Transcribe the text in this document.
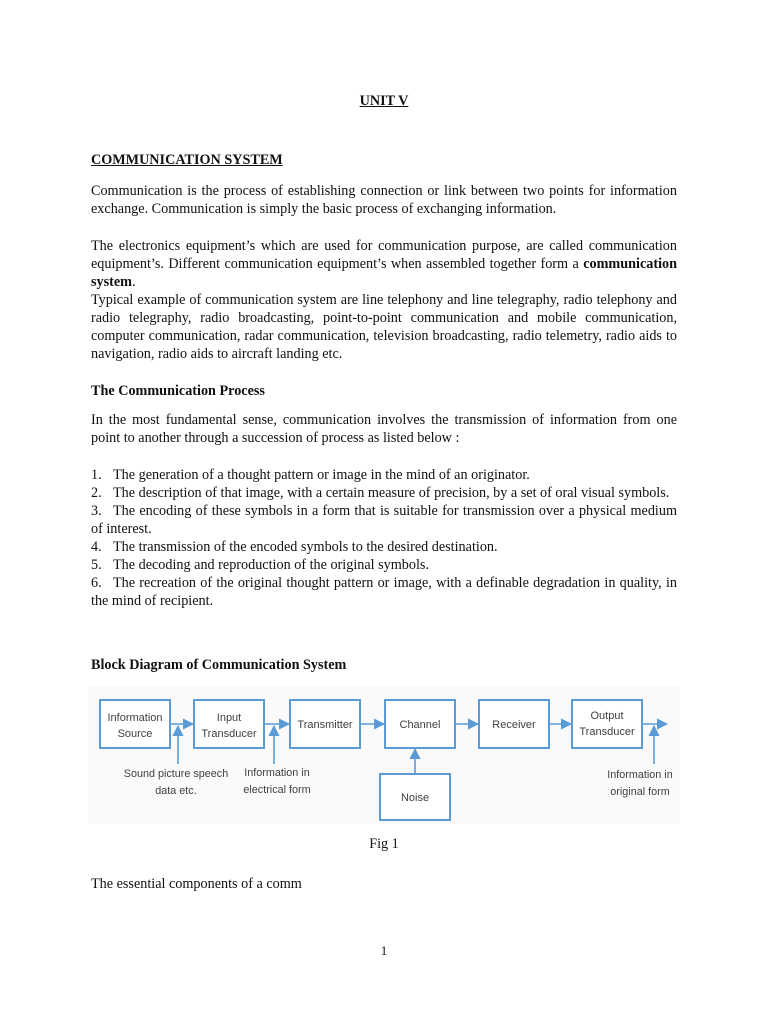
UNIT V
COMMUNICATION SYSTEM

Communication is the process of establishing connection or link between two points for information exchange. Communication is simply the basic process of exchanging information.

The electronics equipment’s which are used for communication purpose, are called communication equipment’s. Different communication equipment’s when assembled together form a communication system.

Typical example of communication system are line telephony and line telegraphy, radio telephony and radio telegraphy, radio broadcasting, point-to-point communication and mobile communication, computer communication, radar communication, television broadcasting, radio telemetry, radio aids to navigation, radio aids to aircraft landing etc.

The Communication Process

In the most fundamental sense, communication involves the transmission of information from one point to another through a succession of process as listed below :

1. The generation of a thought pattern or image in the mind of an originator.
2. The description of that image, with a certain measure of precision, by a set of oral visual symbols.
3. The encoding of these symbols in a form that is suitable for transmission over a physical medium of interest.
4. The transmission of the encoded symbols to the desired destination.
5. The decoding and reproduction of the original symbols.
6. The recreation of the original thought pattern or image, with a definable degradation in quality, in the mind of recipient.
Block Diagram of Communication System
Information
Source
Input
Transducer
Transmitter	Channel	Receiver
Output
Transducer
Noise
Sound picture speech
data etc.
Information in
electrical form
Information in
original form
Fig 1
The essential components of a comm
1
